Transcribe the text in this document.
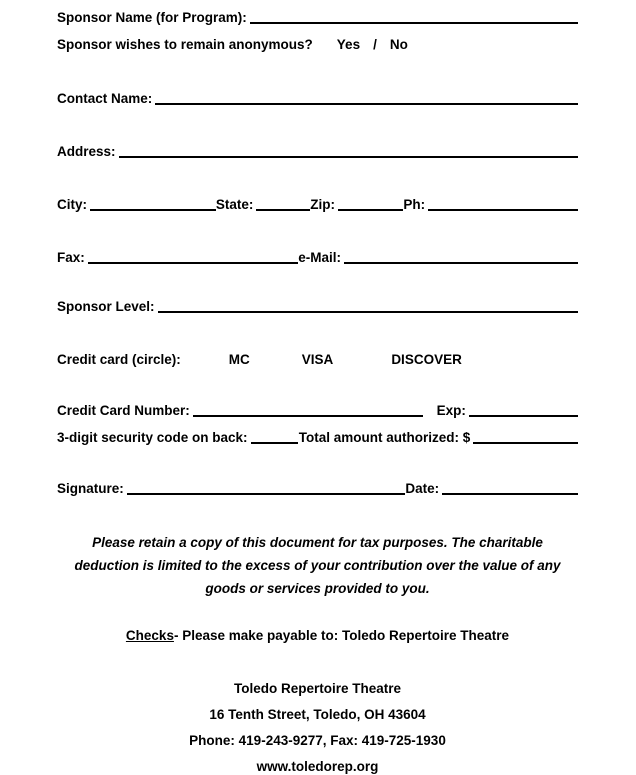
Sponsor Name (for Program):
Sponsor wishes to remain anonymous? Yes / No
Contact Name:
Address:
City:	State:	Zip:	Ph:
Fax:	e-Mail:
Sponsor Level:
Credit card (circle):	MC	VISA	DISCOVER
Credit Card Number:	Exp:
3-digit security code on back:	Total amount authorized: $
Signature:	Date:
Please retain a copy of this document for tax purposes. The charitable deduction is limited to the excess of your contribution over the value of any goods or services provided to you.
Checks- Please make payable to: Toledo Repertoire Theatre
Toledo Repertoire Theatre
16 Tenth Street, Toledo, OH 43604
Phone: 419-243-9277, Fax: 419-725-1930
www.toledorep.org
